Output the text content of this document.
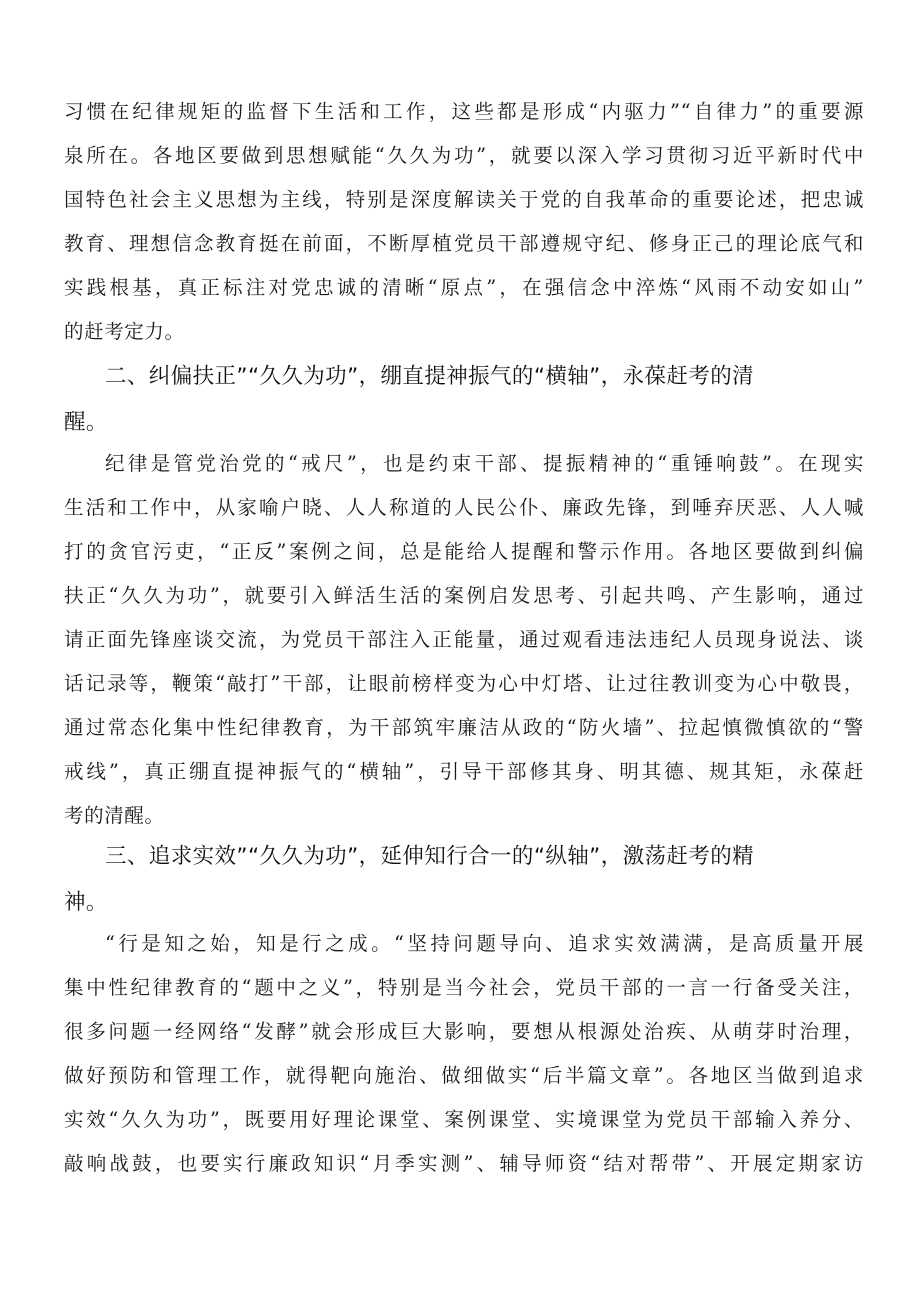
习惯在纪律规矩的监督下生活和工作，这些都是形成“内驱力”“自律力”的重要源
泉所在。各地区要做到思想赋能“久久为功”，就要以深入学习贯彻习近平新时代中
国特色社会主义思想为主线，特别是深度解读关于党的自我革命的重要论述，把忠诚
教育、理想信念教育挺在前面，不断厚植党员干部遵规守纪、修身正己的理论底气和
实践根基，真正标注对党忠诚的清晰“原点”，在强信念中淬炼“风雨不动安如山”
的赶考定力。
二、纠偏扶正”“久久为功”，绷直提神振气的“横轴”，永葆赶考的清
醒。
纪律是管党治党的“戒尺”，也是约束干部、提振精神的“重锤响鼓”。在现实
生活和工作中，从家喻户晓、人人称道的人民公仆、廉政先锋，到唾弃厌恶、人人喊
打的贪官污吏，“正反”案例之间，总是能给人提醒和警示作用。各地区要做到纠偏
扶正“久久为功”，就要引入鲜活生活的案例启发思考、引起共鸣、产生影响，通过
请正面先锋座谈交流，为党员干部注入正能量，通过观看违法违纪人员现身说法、谈
话记录等，鞭策“敲打”干部，让眼前榜样变为心中灯塔、让过往教训变为心中敬畏，
通过常态化集中性纪律教育，为干部筑牢廉洁从政的“防火墙”、拉起慎微慎欲的“警
戒线”，真正绷直提神振气的“横轴”，引导干部修其身、明其德、规其矩，永葆赶
考的清醒。
三、追求实效”“久久为功”，延伸知行合一的“纵轴”，激荡赶考的精
神。
“行是知之始，知是行之成。“坚持问题导向、追求实效满满，是高质量开展
集中性纪律教育的“题中之义”，特别是当今社会，党员干部的一言一行备受关注，
很多问题一经网络“发酵”就会形成巨大影响，要想从根源处治疾、从萌芽时治理，
做好预防和管理工作，就得靶向施治、做细做实“后半篇文章”。各地区当做到追求
实效“久久为功”，既要用好理论课堂、案例课堂、实境课堂为党员干部输入养分、
敲响战鼓，也要实行廉政知识“月季实测”、辅导师资“结对帮带”、开展定期家访
